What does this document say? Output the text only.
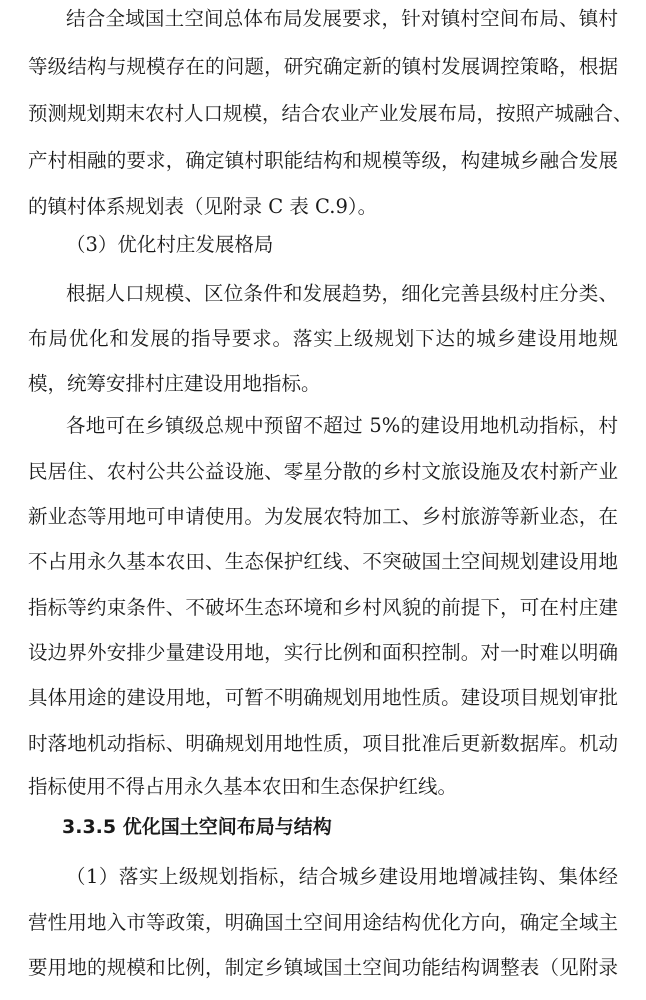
结合全域国土空间总体布局发展要求，针对镇村空间布局、镇村
等级结构与规模存在的问题，研究确定新的镇村发展调控策略，根据
预测规划期末农村人口规模，结合农业产业发展布局，按照产城融合、
产村相融的要求，确定镇村职能结构和规模等级，构建城乡融合发展
的镇村体系规划表（见附录 C 表 C.9）。
（3）优化村庄发展格局
根据人口规模、区位条件和发展趋势，细化完善县级村庄分类、
布局优化和发展的指导要求。落实上级规划下达的城乡建设用地规
模，统筹安排村庄建设用地指标。
各地可在乡镇级总规中预留不超过 5%的建设用地机动指标，村
民居住、农村公共公益设施、零星分散的乡村文旅设施及农村新产业
新业态等用地可申请使用。为发展农特加工、乡村旅游等新业态，在
不占用永久基本农田、生态保护红线、不突破国土空间规划建设用地
指标等约束条件、不破坏生态环境和乡村风貌的前提下，可在村庄建
设边界外安排少量建设用地，实行比例和面积控制。对一时难以明确
具体用途的建设用地，可暂不明确规划用地性质。建设项目规划审批
时落地机动指标、明确规划用地性质，项目批准后更新数据库。机动
指标使用不得占用永久基本农田和生态保护红线。
3.3.5 优化国土空间布局与结构
（1）落实上级规划指标，结合城乡建设用地增减挂钩、集体经
营性用地入市等政策，明确国土空间用途结构优化方向，确定全域主
要用地的规模和比例，制定乡镇域国土空间功能结构调整表（见附录
